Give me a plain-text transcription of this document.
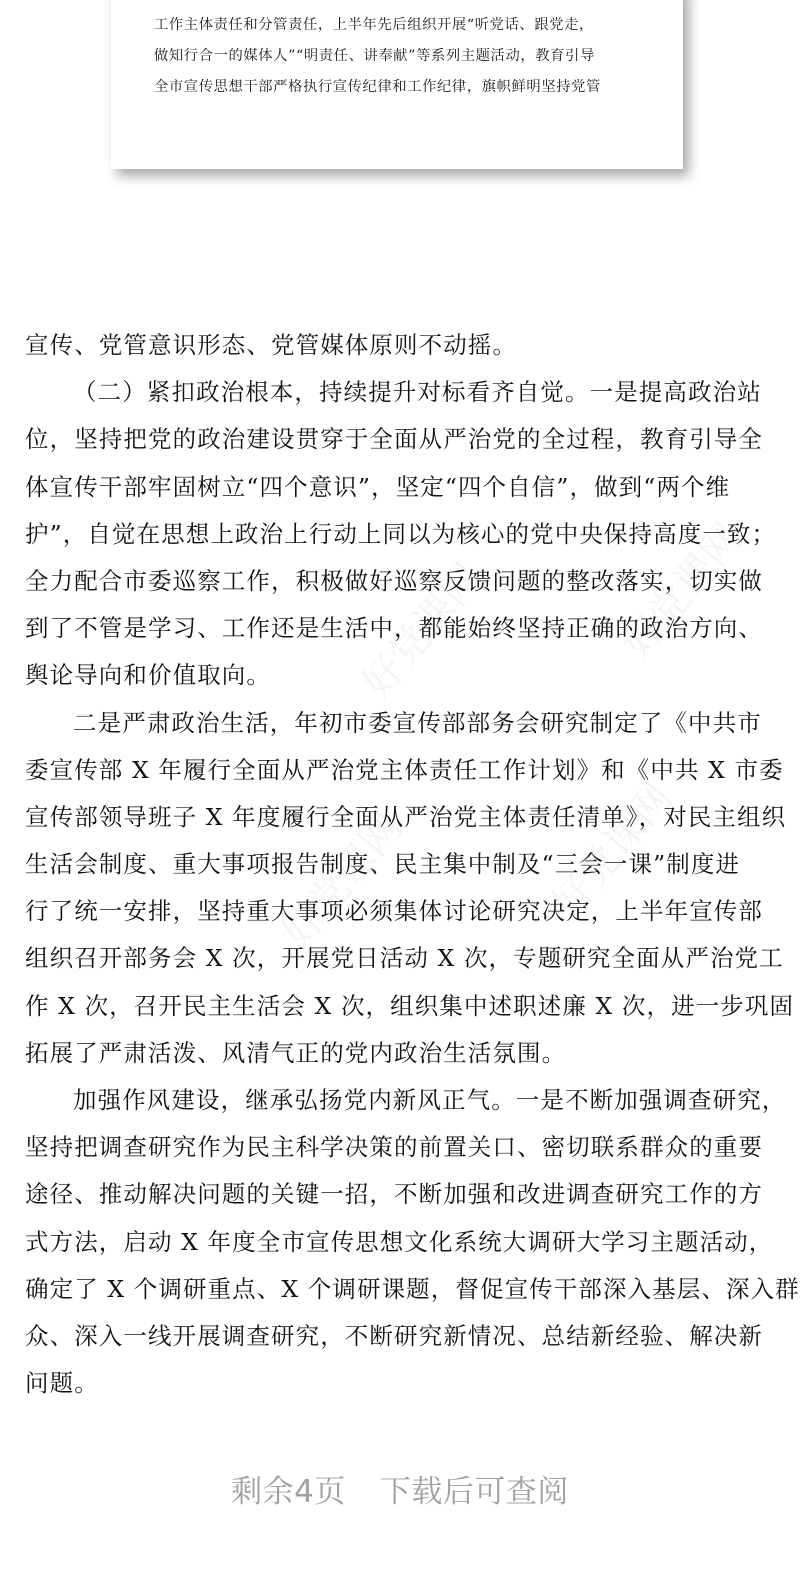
工作主体责任和分管责任，上半年先后组织开展“听党话、跟党走，
做知行合一的媒体人”“明责任、讲奉献”等系列主题活动，教育引导
全市宣传思想干部严格执行宣传纪律和工作纪律，旗帜鲜明坚持党管
宣传、党管意识形态、党管媒体原则不动摇。
（二）紧扣政治根本，持续提升对标看齐自觉。一是提高政治站
位，坚持把党的政治建设贯穿于全面从严治党的全过程，教育引导全
体宣传干部牢固树立“四个意识”，坚定“四个自信”，做到“两个维
护”，自觉在思想上政治上行动上同以为核心的党中央保持高度一致；
全力配合市委巡察工作，积极做好巡察反馈问题的整改落实，切实做
到了不管是学习、工作还是生活中，都能始终坚持正确的政治方向、
舆论导向和价值取向。
二是严肃政治生活，年初市委宣传部部务会研究制定了《中共市
委宣传部 X 年履行全面从严治党主体责任工作计划》和《中共 X 市委
宣传部领导班子 X 年度履行全面从严治党主体责任清单》，对民主组织
生活会制度、重大事项报告制度、民主集中制及“三会一课”制度进
行了统一安排，坚持重大事项必须集体讨论研究决定，上半年宣传部
组织召开部务会 X 次，开展党日活动 X 次，专题研究全面从严治党工
作 X 次，召开民主生活会 X 次，组织集中述职述廉 X 次，进一步巩固
拓展了严肃活泼、风清气正的党内政治生活氛围。
加强作风建设，继承弘扬党内新风正气。一是不断加强调查研究，
坚持把调查研究作为民主科学决策的前置关口、密切联系群众的重要
途径、推动解决问题的关键一招，不断加强和改进调查研究工作的方
式方法，启动 X 年度全市宣传思想文化系统大调研大学习主题活动，
确定了 X 个调研重点、X 个调研课题，督促宣传干部深入基层、深入群
众、深入一线开展调查研究，不断研究新情况、总结新经验、解决新
问题。
剩余4页 下载后可查阅
